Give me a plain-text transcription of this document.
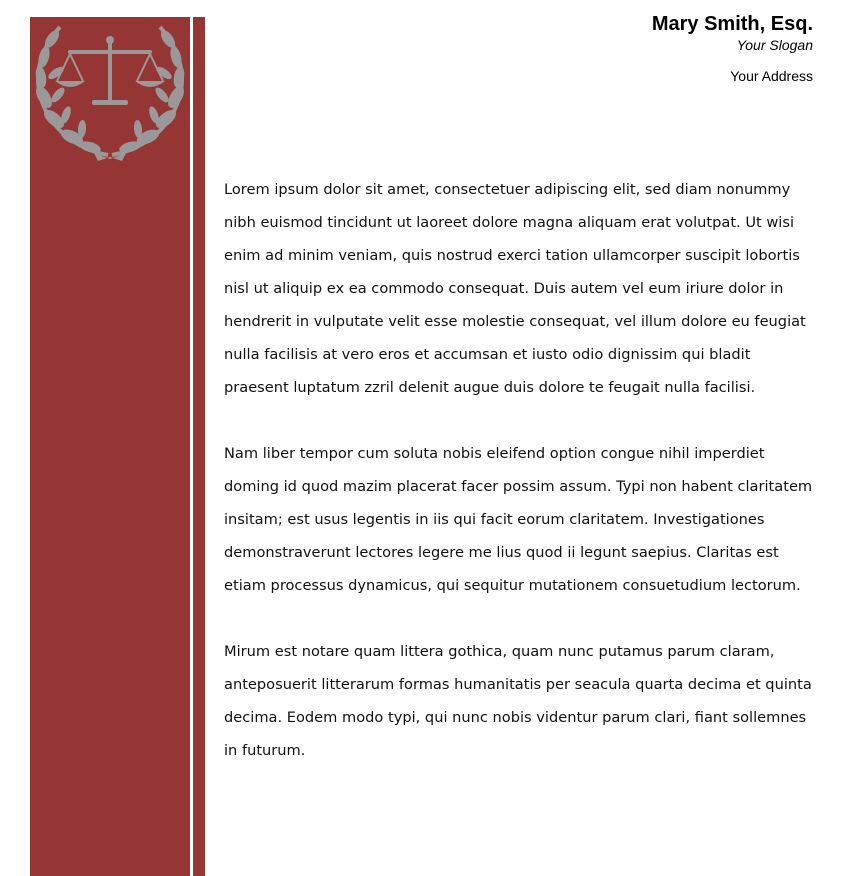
Mary Smith, Esq.
Your Slogan
Your Address

Lorem ipsum dolor sit amet, consectetuer adipiscing elit, sed diam nonummy nibh euismod tincidunt ut laoreet dolore magna aliquam erat volutpat. Ut wisi enim ad minim veniam, quis nostrud exerci tation ullamcorper suscipit lobortis nisl ut aliquip ex ea commodo consequat. Duis autem vel eum iriure dolor in hendrerit in vulputate velit esse molestie consequat, vel illum dolore eu feugiat nulla facilisis at vero eros et accumsan et iusto odio dignissim qui bladit praesent luptatum zzril delenit augue duis dolore te feugait nulla facilisi.

Nam liber tempor cum soluta nobis eleifend option congue nihil imperdiet doming id quod mazim placerat facer possim assum. Typi non habent claritatem insitam; est usus legentis in iis qui facit eorum claritatem. Investigationes demonstraverunt lectores legere me lius quod ii legunt saepius. Claritas est etiam processus dynamicus, qui sequitur mutationem consuetudium lectorum.

Mirum est notare quam littera gothica, quam nunc putamus parum claram, anteposuerit litterarum formas humanitatis per seacula quarta decima et quinta decima. Eodem modo typi, qui nunc nobis videntur parum clari, fiant sollemnes in futurum.
